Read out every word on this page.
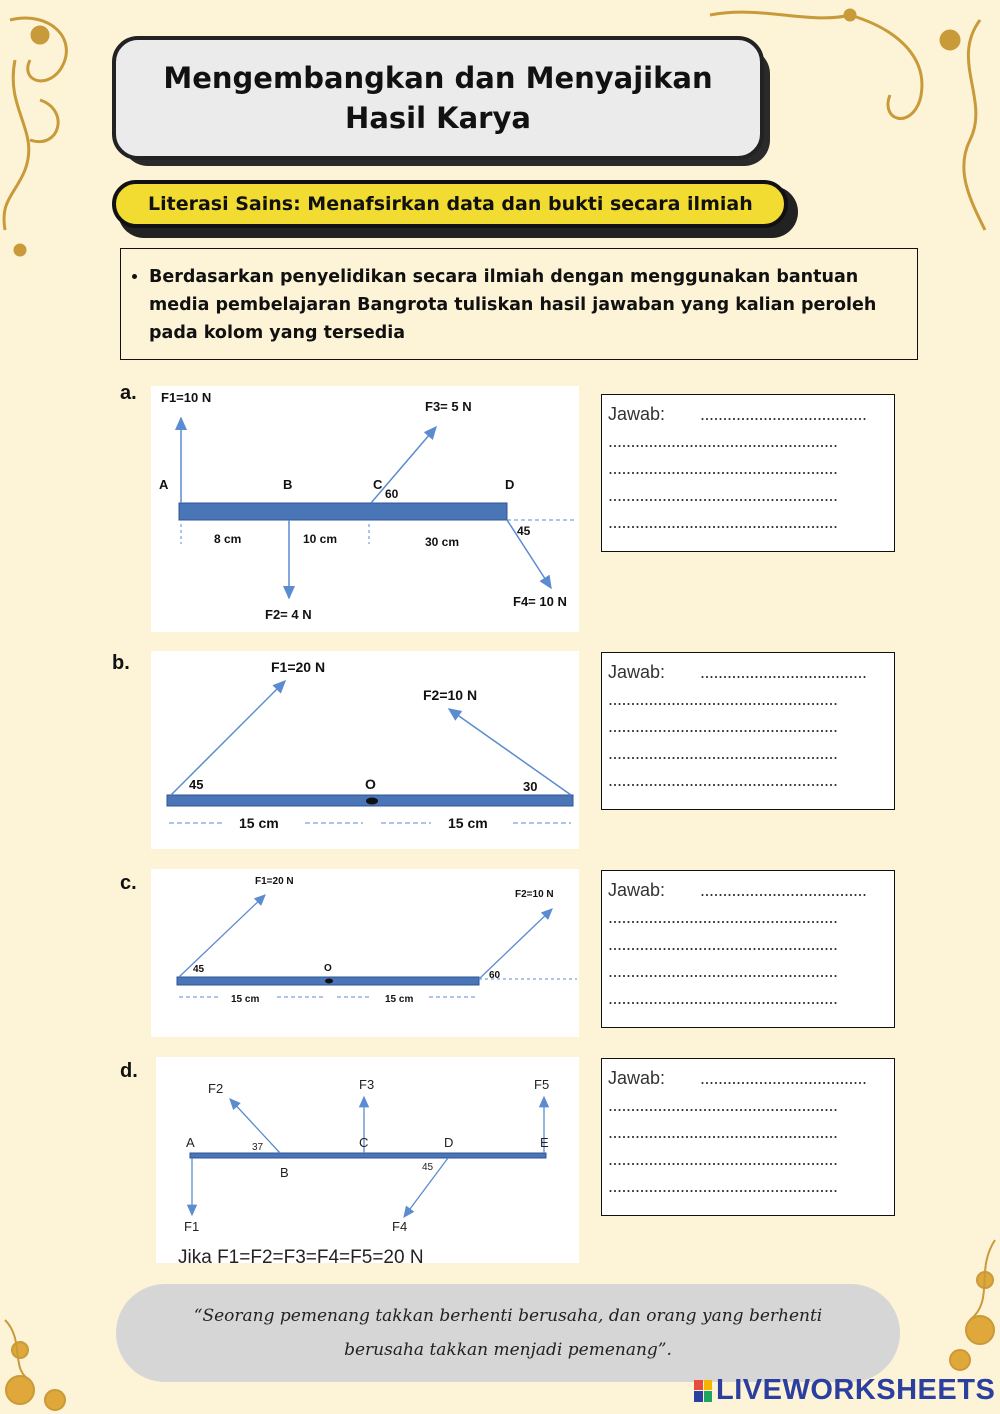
Mengembangkan dan Menyajikan
Hasil Karya
Literasi Sains: Menafsirkan data dan bukti secara ilmiah
• Berdasarkan penyelidikan secara ilmiah dengan menggunakan bantuan media pembelajaran Bangrota tuliskan hasil jawaban yang kalian peroleh pada kolom yang tersedia
a. F1=10 N
F2= 4 N
F3= 5 N
F4= 10 N
A	B	C	D
8 cm	10 cm	30 cm
60
45
Jawab: .....................................
...................................................
...................................................
...................................................
...................................................
b.	F1=20 N
F2=10 N
45	O	30
15 cm	15 cm
Jawab: .....................................
...................................................
...................................................
...................................................
...................................................
c.	F1=20 N
F2=10 N
45	O
60
15 cm	15 cm
Jawab: .....................................
...................................................
...................................................
...................................................
...................................................
d.
A
B
C	D	E
37
45
F1
F2	F3
F4
F5
Jika F1=F2=F3=F4=F5=20 N
Jawab: .....................................
...................................................
...................................................
...................................................
...................................................
“Seorang pemenang takkan berhenti berusaha, dan orang yang berhenti berusaha takkan menjadi pemenang”.
LIVEWORKSHEETS
